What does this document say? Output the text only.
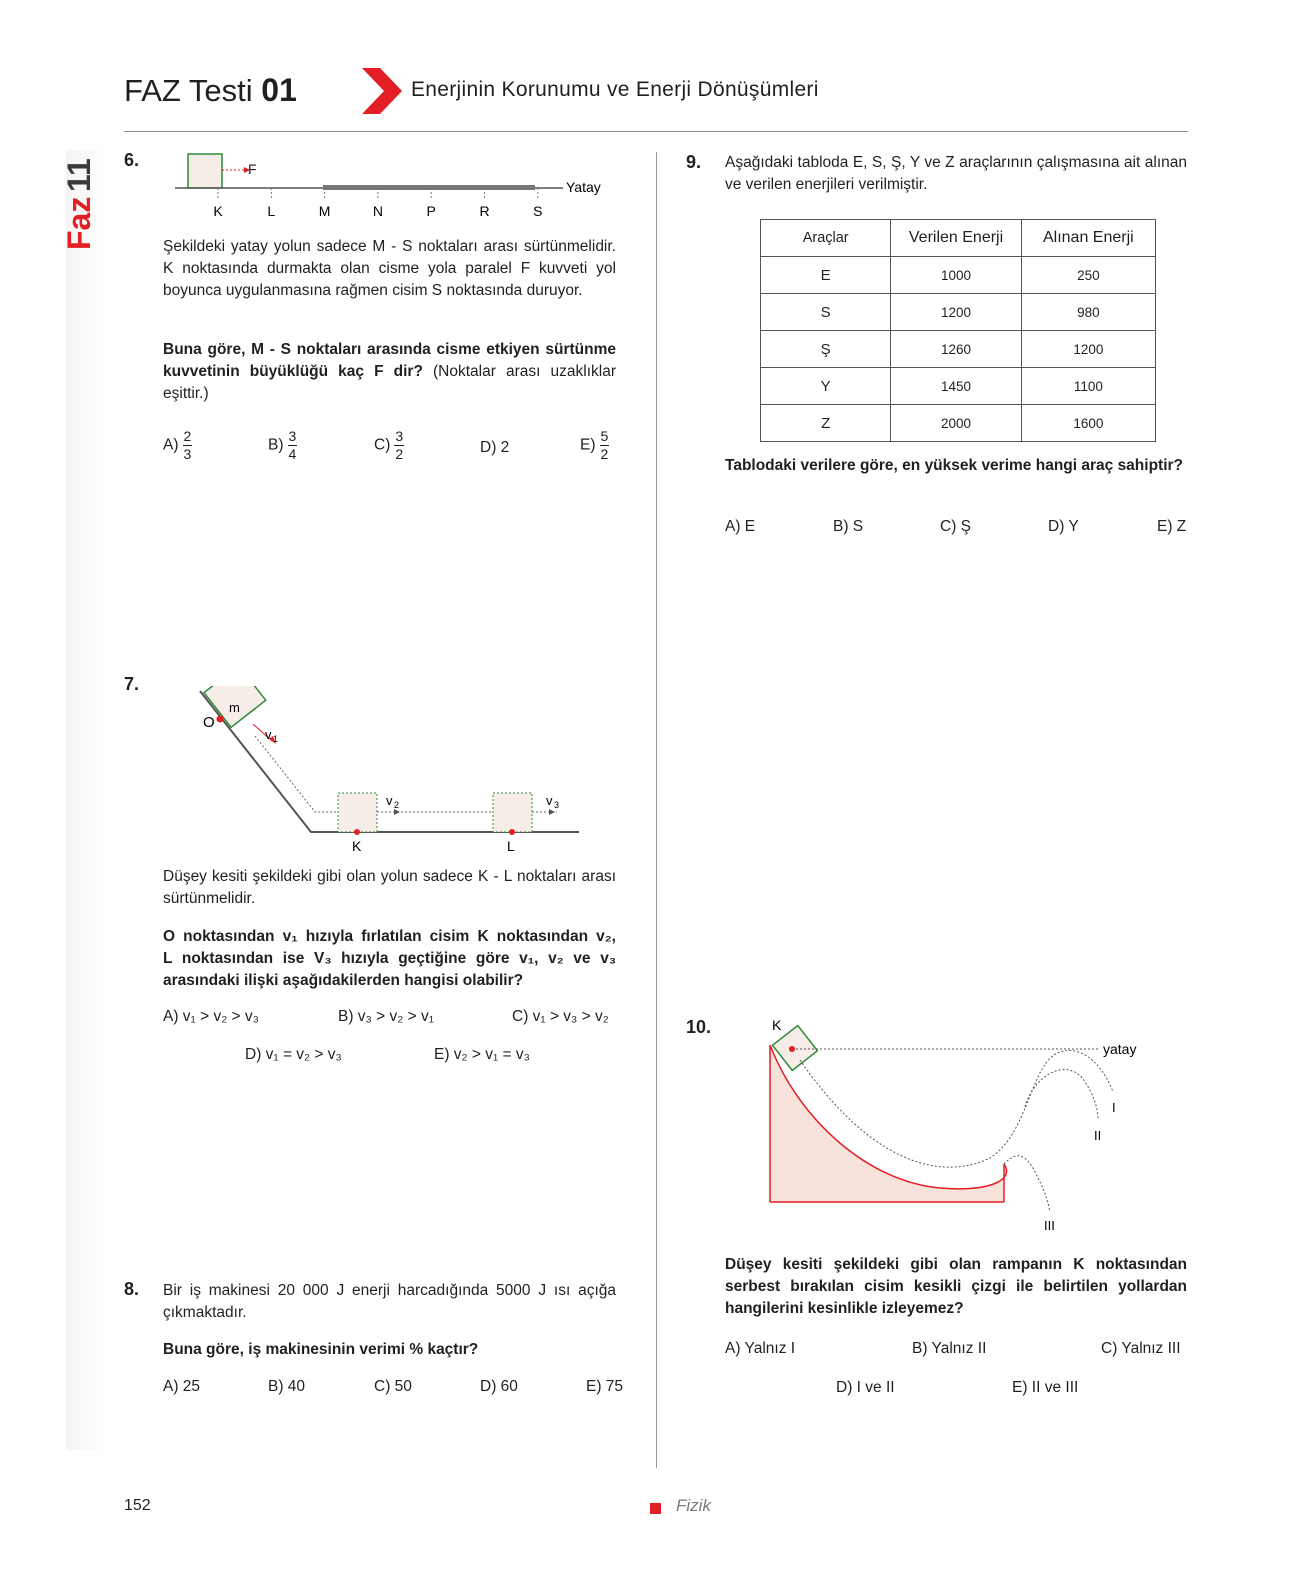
FAZ Testi 01	Enerjinin Korunumu ve Enerji Dönüşümleri
Faz
11 6.	F
Yatay
K	L	M	N	P	R	S
Şekildeki yatay yolun sadece M - S noktaları arası sürtünmelidir. K noktasında durmakta olan cisme yola paralel F kuvveti yol boyunca uygulanmasına rağmen cisim S noktasında duruyor.
Buna göre, M - S noktaları arasında cisme etkiyen sürtünme kuvvetinin büyüklüğü kaç F dir? (Noktalar arası uzaklıklar eşittir.)
$A) \frac{2}{3}$	$B) \frac{3}{4}$	$C) \frac{3}{2}$	D) 2	$E) \frac{5}{2}$
7.
m
O
v 1
v 2	v 3
K	L
Düşey kesiti şekildeki gibi olan yolun sadece K - L noktaları arası sürtünmelidir.
O noktasından v₁ hızıyla fırlatılan cisim K noktasından v₂,
L noktasından ise V₃ hızıyla geçtiğine göre v₁, v₂ ve v₃
arasındaki ilişki aşağıdakilerden hangisi olabilir?
A) v₁ > v₂ > v₃	B) v₃ > v₂ > v₁	C) v₁ > v₃ > v₂
D) v₁ = v₂ > v₃	E) v₂ > v₁ = v₃
8. Bir iş makinesi 20 000 J enerji harcadığında 5000 J ısı açığa çıkmaktadır.
Buna göre, iş makinesinin verimi % kaçtır?
A) 25	B) 40	C) 50	D) 60	E) 75
9. Aşağıdaki tabloda E, S, Ş, Y ve Z araçlarının çalışmasına ait alınan ve verilen enerjileri verilmiştir.
Araçlar	Verilen Enerji	Alınan Enerji
E	1000	250
S	1200	980
Ş	1260	1200
Y	1450	1100
Z	2000	1600
Tablodaki verilere göre, en yüksek verime hangi araç sahiptir?
A) E	B) S	C) Ş	D) Y	E) Z
10.	K
yatay
I
II
III
Düşey kesiti şekildeki gibi olan rampanın K noktasından serbest bırakılan cisim kesikli çizgi ile belirtilen yollardan hangilerini kesinlikle izleyemez?
A) Yalnız I	B) Yalnız II	C) Yalnız III
D) I ve II	E) II ve III
152	Fizik
